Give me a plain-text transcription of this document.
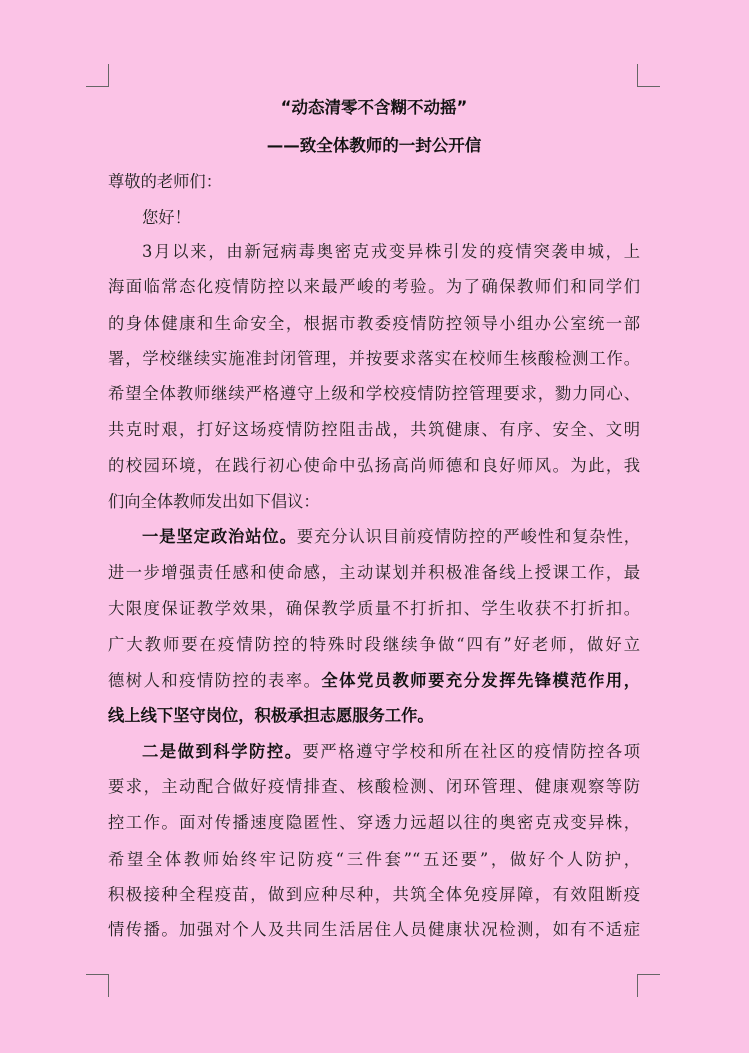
“动态清零不含糊不动摇”
——致全体教师的一封公开信
尊敬的老师们：
您好！
3月以来，由新冠病毒奥密克戎变异株引发的疫情突袭申城，上
海面临常态化疫情防控以来最严峻的考验。为了确保教师们和同学们
的身体健康和生命安全，根据市教委疫情防控领导小组办公室统一部
署，学校继续实施准封闭管理，并按要求落实在校师生核酸检测工作。
希望全体教师继续严格遵守上级和学校疫情防控管理要求，勠力同心、
共克时艰，打好这场疫情防控阻击战，共筑健康、有序、安全、文明
的校园环境，在践行初心使命中弘扬高尚师德和良好师风。为此，我
们向全体教师发出如下倡议：
一是坚定政治站位。要充分认识目前疫情防控的严峻性和复杂性，
进一步增强责任感和使命感，主动谋划并积极准备线上授课工作，最
大限度保证教学效果，确保教学质量不打折扣、学生收获不打折扣。
广大教师要在疫情防控的特殊时段继续争做“四有”好老师，做好立
德树人和疫情防控的表率。全体党员教师要充分发挥先锋模范作用，
线上线下坚守岗位，积极承担志愿服务工作。
二是做到科学防控。要严格遵守学校和所在社区的疫情防控各项
要求，主动配合做好疫情排查、核酸检测、闭环管理、健康观察等防
控工作。面对传播速度隐匿性、穿透力远超以往的奥密克戎变异株，
希望全体教师始终牢记防疫“三件套”“五还要”，做好个人防护，
积极接种全程疫苗，做到应种尽种，共筑全体免疫屏障，有效阻断疫
情传播。加强对个人及共同生活居住人员健康状况检测，如有不适症
